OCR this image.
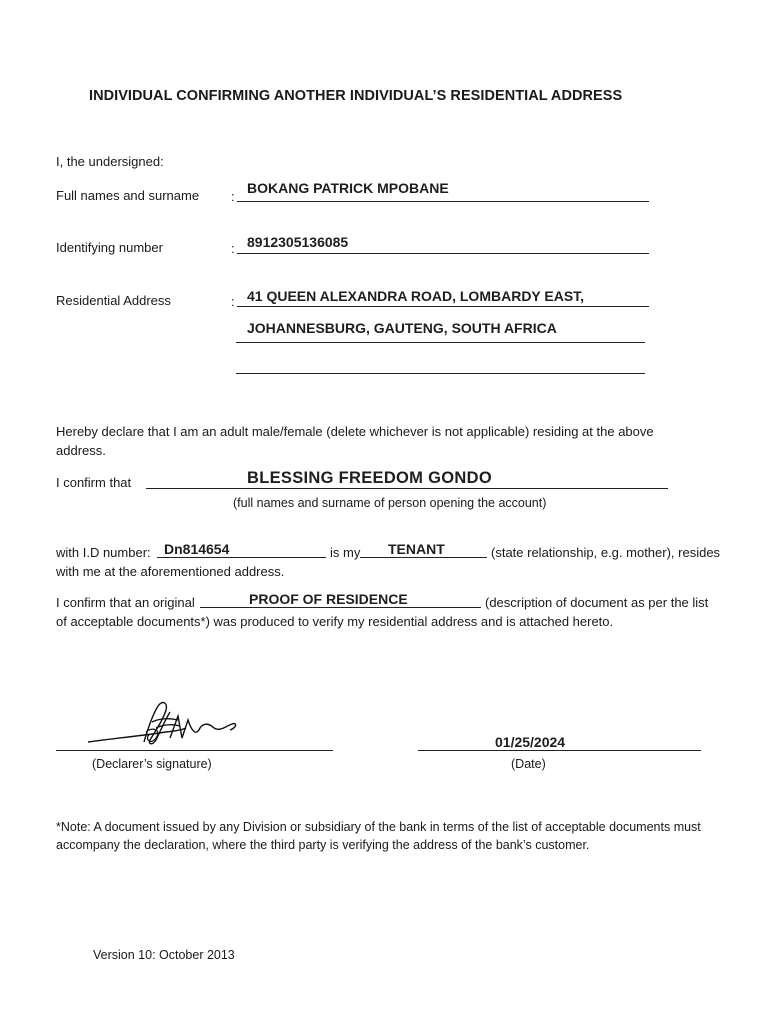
INDIVIDUAL CONFIRMING ANOTHER INDIVIDUAL’S RESIDENTIAL ADDRESS
I, the undersigned:
Full names and surname :
BOKANG PATRICK MPOBANE
Identifying number	: 8912305136085
Residential Address	: 41 QUEEN ALEXANDRA ROAD, LOMBARDY EAST,
JOHANNESBURG, GAUTENG, SOUTH AFRICA
Hereby declare that I am an adult male/female (delete whichever is not applicable) residing at the above address.
I confirm that	BLESSING FREEDOM GONDO
(full names and surname of person opening the account)
with I.D number: Dn814654	is my TENANT	(state relationship, e.g. mother), resides
with me at the aforementioned address.
I confirm that an original	PROOF OF RESIDENCE	(description of document as per the list
of acceptable documents*) was produced to verify my residential address and is attached hereto.
(Declarer’s signature)
01/25/2024
(Date)
*Note: A document issued by any Division or subsidiary of the bank in terms of the list of acceptable documents must accompany the declaration, where the third party is verifying the address of the bank’s customer.
Version 10: October 2013
